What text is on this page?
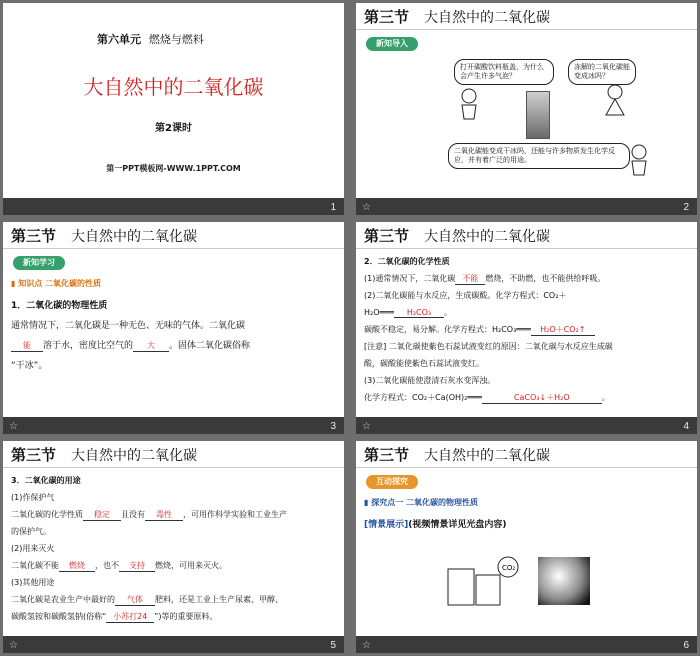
第六单元 燃烧与燃料
大自然中的二氧化碳
第2课时
第一PPT模板网-WWW.1PPT.COM
1
第三节 大自然中的二氧化碳
新知导入
打开碳酸饮料瓶盖，为什么会产生许多气泡？
冻解的二氧化碳能变成冰吗？
二氧化碳能变成干冰吗，还能与许多物质发生化学反应，并有着广泛的用途。
☆	2
第三节 大自然中的二氧化碳
新知学习
▮ 知识点 二氧化碳的性质
1．二氧化碳的物理性质
通常情况下，二氧化碳是一种无色、无味的气体。二氧化碳
能 溶于水，密度比空气的 大 。固体二氧化碳俗称
“干冰”。
☆	3
第三节 大自然中的二氧化碳
2．二氧化碳的化学性质
(1)通常情况下，二氧化碳 不能 燃烧，不助燃，也不能供给呼吸。
(2)二氧化碳能与水反应，生成碳酸。化学方程式：CO₂＋
H₂O═══ H₂CO₃ 。
碳酸不稳定，易分解。化学方程式：H₂CO₃═══ H₂O＋CO₂↑
[注意] 二氧化碳使紫色石蕊试液变红的原因：二氧化碳与水反应生成碳
酸，碳酸能使紫色石蕊试液变红。
(3)二氧化碳能使澄清石灰水变浑浊。
化学方程式：CO₂＋Ca(OH)₂═══	CaCO₃↓＋H₂O	。
☆	4
第三节 大自然中的二氧化碳
3．二氧化碳的用途
(1)作保护气
二氧化碳的化学性质 稳定 且没有 毒性 ，可用作科学实验和工业生产
的保护气。
(2)用来灭火
二氧化碳不能 燃烧 ，也不 支持 燃烧，可用来灭火。
(3)其他用途
二氧化碳是农业生产中最好的 气体 肥料，还是工业上生产尿素、甲醇、
碳酸氢铵和碳酸氢钠(俗称“ 小苏打24 ”)等的重要原料。
☆	5
第三节 大自然中的二氧化碳
互动探究
▮ 探究点一 二氧化碳的物理性质
[情景展示](视频情景详见光盘内容)
CO₂
☆	6
